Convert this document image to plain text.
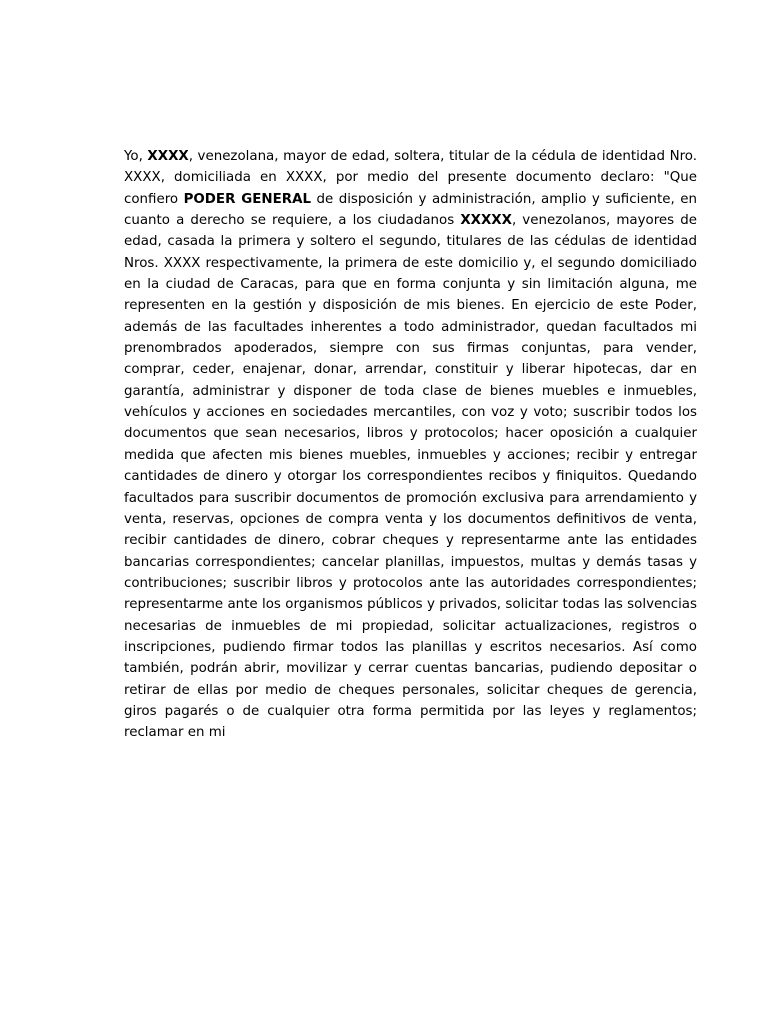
Yo, XXXX, venezolana, mayor de edad, soltera, titular de la cédula de identidad Nro. XXXX, domiciliada en XXXX, por medio del presente documento declaro: "Que confiero PODER GENERAL de disposición y administración, amplio y suficiente, en cuanto a derecho se requiere, a los ciudadanos XXXXX, venezolanos, mayores de edad, casada la primera y soltero el segundo, titulares de las cédulas de identidad Nros. XXXX respectivamente, la primera de este domicilio y, el segundo domiciliado en la ciudad de Caracas, para que en forma conjunta y sin limitación alguna, me representen en la gestión y disposición de mis bienes. En ejercicio de este Poder, además de las facultades inherentes a todo administrador, quedan facultados mi prenombrados apoderados, siempre con sus firmas conjuntas, para vender, comprar, ceder, enajenar, donar, arrendar, constituir y liberar hipotecas, dar en garantía, administrar y disponer de toda clase de bienes muebles e inmuebles, vehículos y acciones en sociedades mercantiles, con voz y voto; suscribir todos los documentos que sean necesarios, libros y protocolos; hacer oposición a cualquier medida que afecten mis bienes muebles, inmuebles y acciones; recibir y entregar cantidades de dinero y otorgar los correspondientes recibos y finiquitos. Quedando facultados para suscribir documentos de promoción exclusiva para arrendamiento y venta, reservas, opciones de compra venta y los documentos definitivos de venta, recibir cantidades de dinero, cobrar cheques y representarme ante las entidades bancarias correspondientes; cancelar planillas, impuestos, multas y demás tasas y contribuciones; suscribir libros y protocolos ante las autoridades correspondientes; representarme ante los organismos públicos y privados, solicitar todas las solvencias necesarias de inmuebles de mi propiedad, solicitar actualizaciones, registros o inscripciones, pudiendo firmar todos las planillas y escritos necesarios. Así como también, podrán abrir, movilizar y cerrar cuentas bancarias, pudiendo depositar o retirar de ellas por medio de cheques personales, solicitar cheques de gerencia, giros pagarés o de cualquier otra forma permitida por las leyes y reglamentos; reclamar en mi
